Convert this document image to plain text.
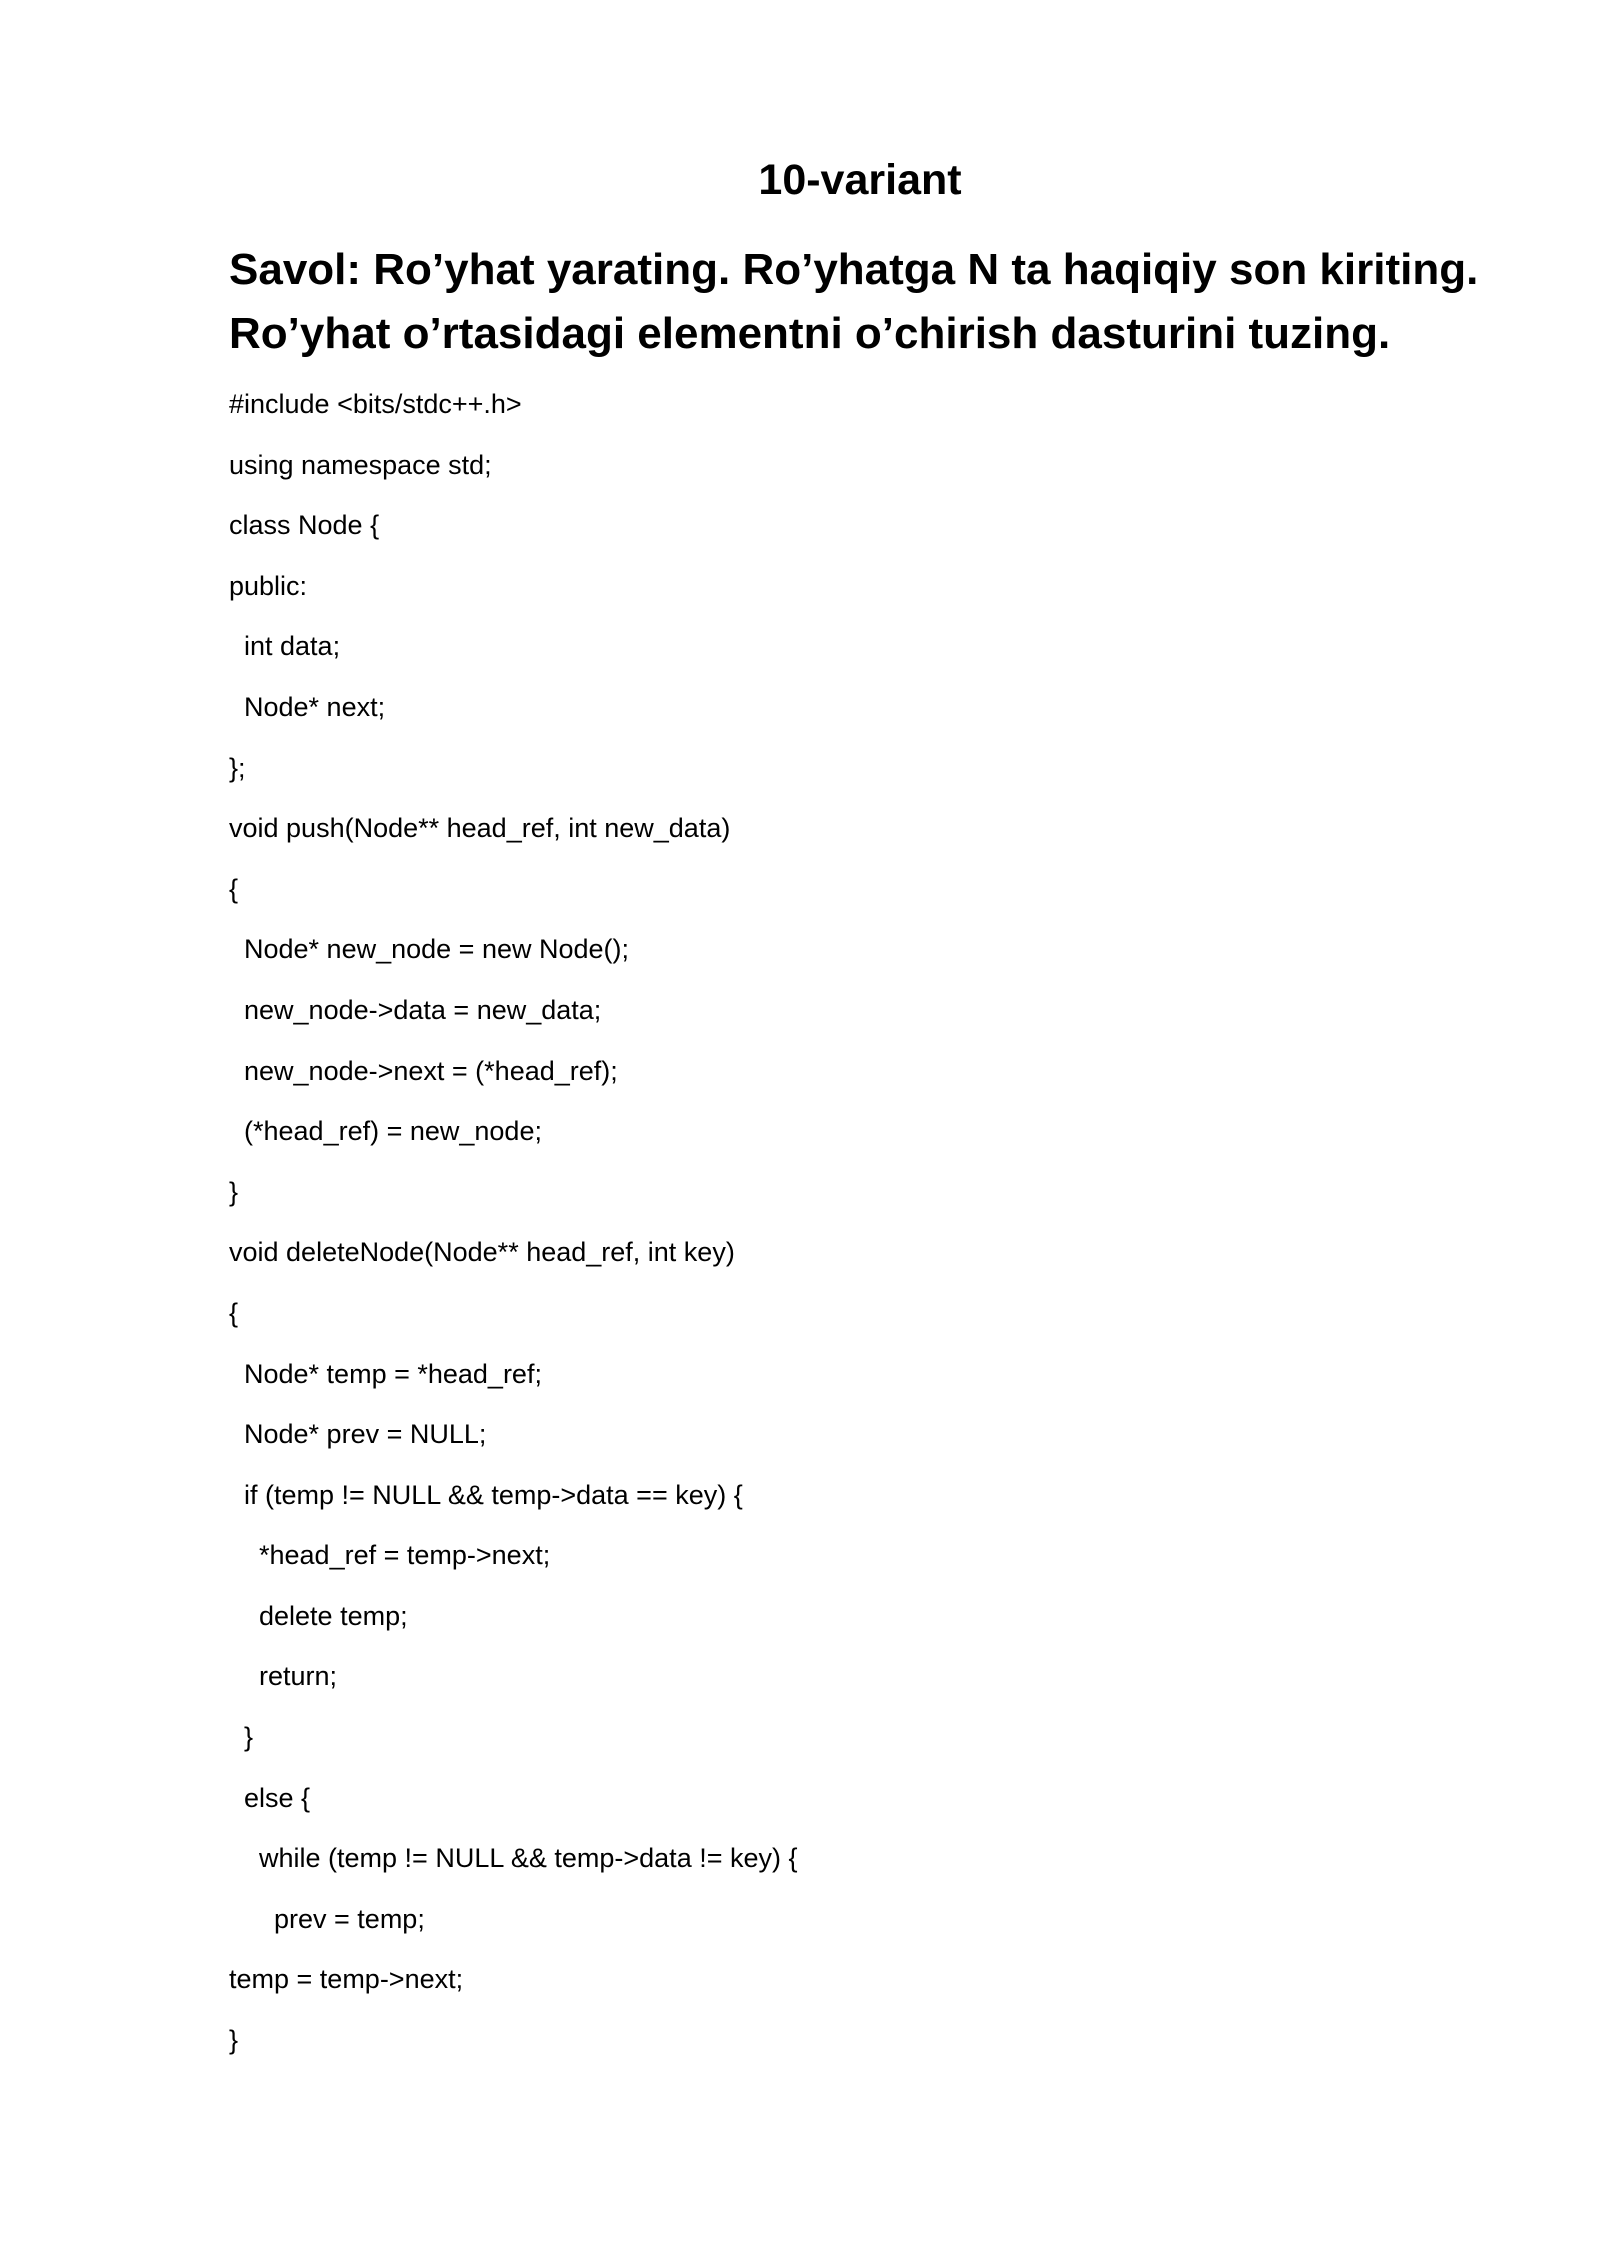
10-variant
Savol: Ro’yhat yarating. Ro’yhatga N ta haqiqiy son kiriting.
Ro’yhat o’rtasidagi elementni o’chirish dasturini tuzing.
#include <bits/stdc++.h>
using namespace std;
class Node {
public:
int data;
Node* next;
};
void push(Node** head_ref, int new_data)
{
Node* new_node = new Node();
new_node->data = new_data;
new_node->next = (*head_ref);
(*head_ref) = new_node;
}
void deleteNode(Node** head_ref, int key)
{
Node* temp = *head_ref;
Node* prev = NULL;
if (temp != NULL && temp->data == key) {
*head_ref = temp->next;
delete temp;
return;
}
else {
while (temp != NULL && temp->data != key) {
prev = temp;
temp = temp->next;
}
